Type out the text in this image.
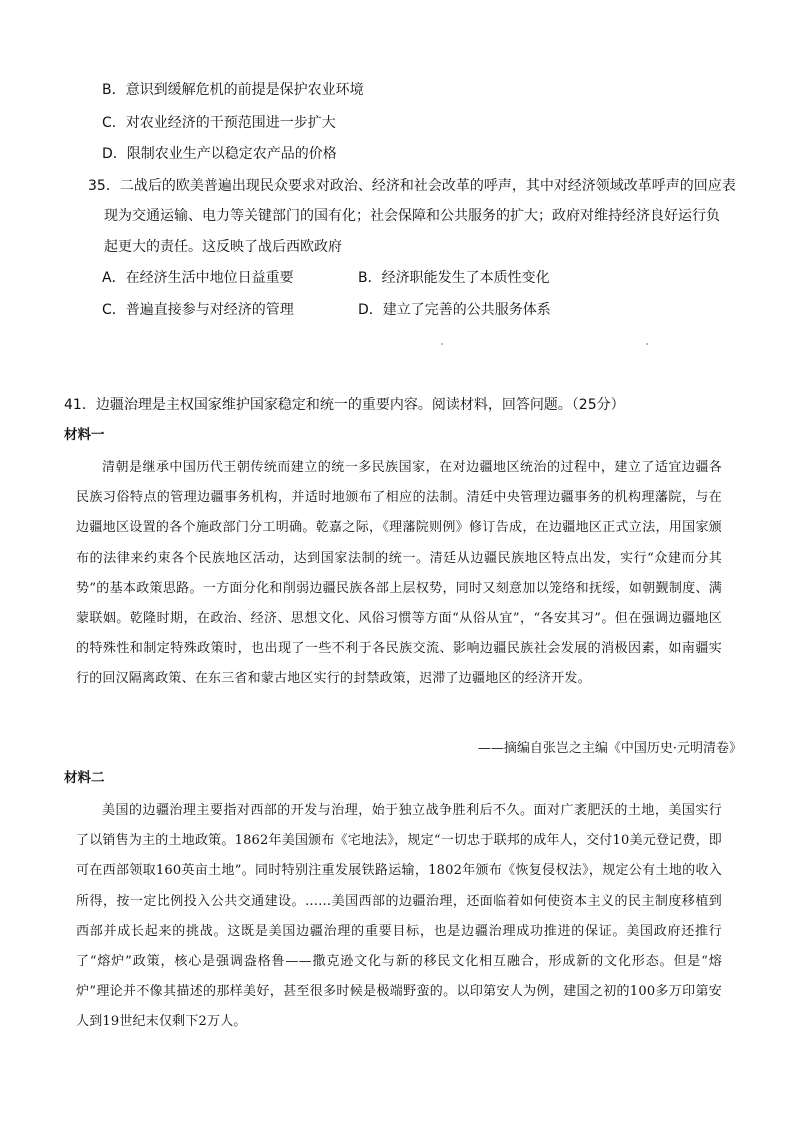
B．意识到缓解危机的前提是保护农业环境
C．对农业经济的干预范围进一步扩大
D．限制农业生产以稳定农产品的价格
35．二战后的欧美普遍出现民众要求对政治、经济和社会改革的呼声，其中对经济领域改革呼声的回应表
现为交通运输、电力等关键部门的国有化；社会保障和公共服务的扩大；政府对维持经济良好运行负
起更大的责任。这反映了战后西欧政府
A．在经济生活中地位日益重要	B．经济职能发生了本质性变化
C．普遍直接参与对经济的管理	D．建立了完善的公共服务体系
41．边疆治理是主权国家维护国家稳定和统一的重要内容。阅读材料，回答问题。（25分）
材料一
清朝是继承中国历代王朝传统而建立的统一多民族国家，在对边疆地区统治的过程中，建立了适宜边疆各民族习俗特点的管理边疆事务机构，并适时地颁布了相应的法制。清廷中央管理边疆事务的机构理藩院，与在边疆地区设置的各个施政部门分工明确。乾嘉之际，《理藩院则例》修订告成，在边疆地区正式立法，用国家颁布的法律来约束各个民族地区活动，达到国家法制的统一。清廷从边疆民族地区特点出发，实行“众建而分其势”的基本政策思路。一方面分化和削弱边疆民族各部上层权势，同时又刻意加以笼络和抚绥，如朝觐制度、满蒙联姻。乾隆时期，在政治、经济、思想文化、风俗习惯等方面“从俗从宜”，“各安其习”。但在强调边疆地区的特殊性和制定特殊政策时，也出现了一些不利于各民族交流、影响边疆民族社会发展的消极因素，如南疆实行的回汉隔离政策、在东三省和蒙古地区实行的封禁政策，迟滞了边疆地区的经济开发。
——摘编自张岂之主编《中国历史·元明清卷》
材料二
美国的边疆治理主要指对西部的开发与治理，始于独立战争胜利后不久。面对广袤肥沃的土地，美国实行了以销售为主的土地政策。1862年美国颁布《宅地法》，规定“一切忠于联邦的成年人，交付10美元登记费，即可在西部领取160英亩土地”。同时特别注重发展铁路运输，1802年颁布《恢复侵权法》，规定公有土地的收入所得，按一定比例投入公共交通建设。……美国西部的边疆治理，还面临着如何使资本主义的民主制度移植到西部并成长起来的挑战。这既是美国边疆治理的重要目标，也是边疆治理成功推进的保证。美国政府还推行了“熔炉”政策，核心是强调盎格鲁——撒克逊文化与新的移民文化相互融合，形成新的文化形态。但是“熔炉”理论并不像其描述的那样美好，甚至很多时候是极端野蛮的。以印第安人为例，建国之初的100多万印第安人到19世纪末仅剩下2万人。
